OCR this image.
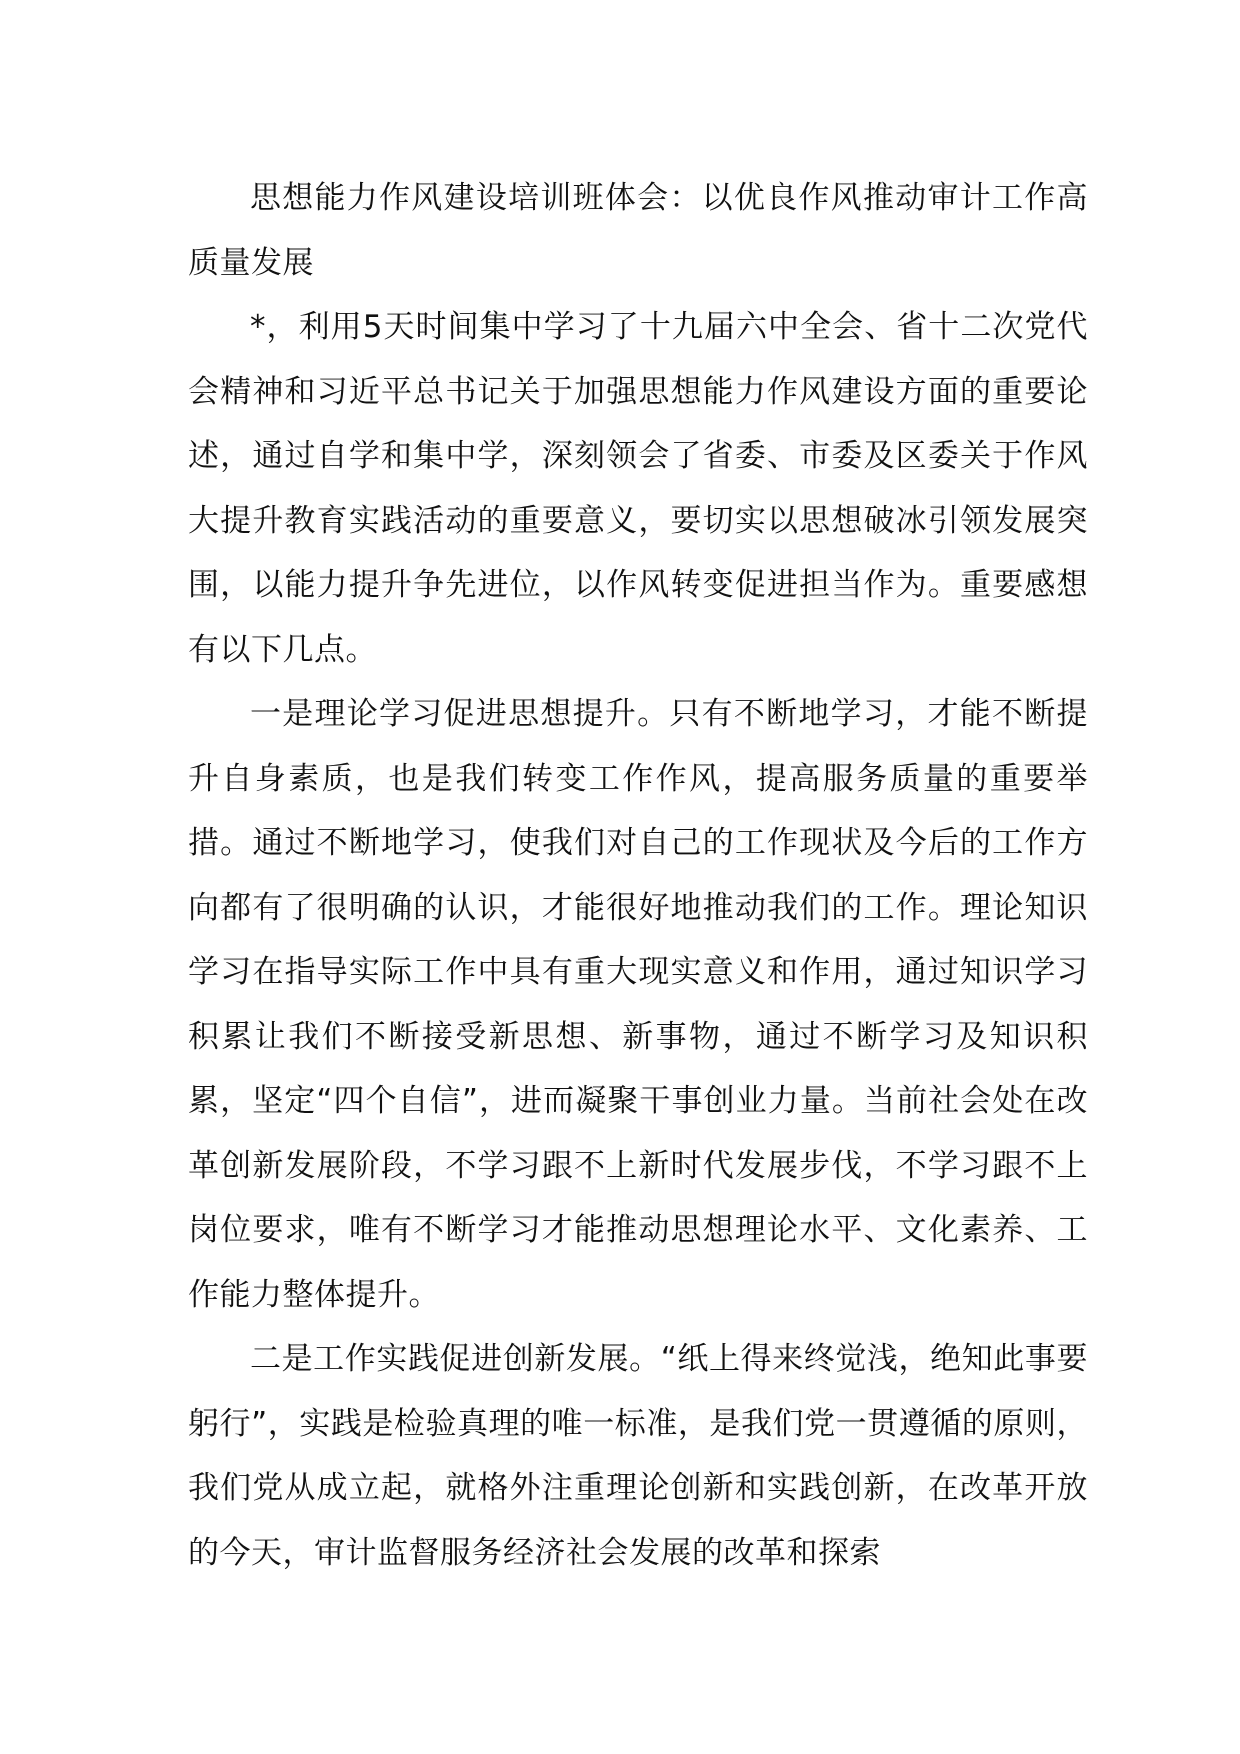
思想能力作风建设培训班体会：以优良作风推动审计工作高质量发展

*，利用5天时间集中学习了十九届六中全会、省十二次党代会精神和习近平总书记关于加强思想能力作风建设方面的重要论述，通过自学和集中学，深刻领会了省委、市委及区委关于作风大提升教育实践活动的重要意义，要切实以思想破冰引领发展突围，以能力提升争先进位，以作风转变促进担当作为。重要感想有以下几点。

一是理论学习促进思想提升。只有不断地学习，才能不断提升自身素质，也是我们转变工作作风，提高服务质量的重要举措。通过不断地学习，使我们对自己的工作现状及今后的工作方向都有了很明确的认识，才能很好地推动我们的工作。理论知识学习在指导实际工作中具有重大现实意义和作用，通过知识学习积累让我们不断接受新思想、新事物，通过不断学习及知识积累，坚定“四个自信”，进而凝聚干事创业力量。当前社会处在改革创新发展阶段，不学习跟不上新时代发展步伐，不学习跟不上岗位要求，唯有不断学习才能推动思想理论水平、文化素养、工作能力整体提升。

二是工作实践促进创新发展。“纸上得来终觉浅，绝知此事要躬行”，实践是检验真理的唯一标准，是我们党一贯遵循的原则，我们党从成立起，就格外注重理论创新和实践创新，在改革开放的今天，审计监督服务经济社会发展的改革和探索
